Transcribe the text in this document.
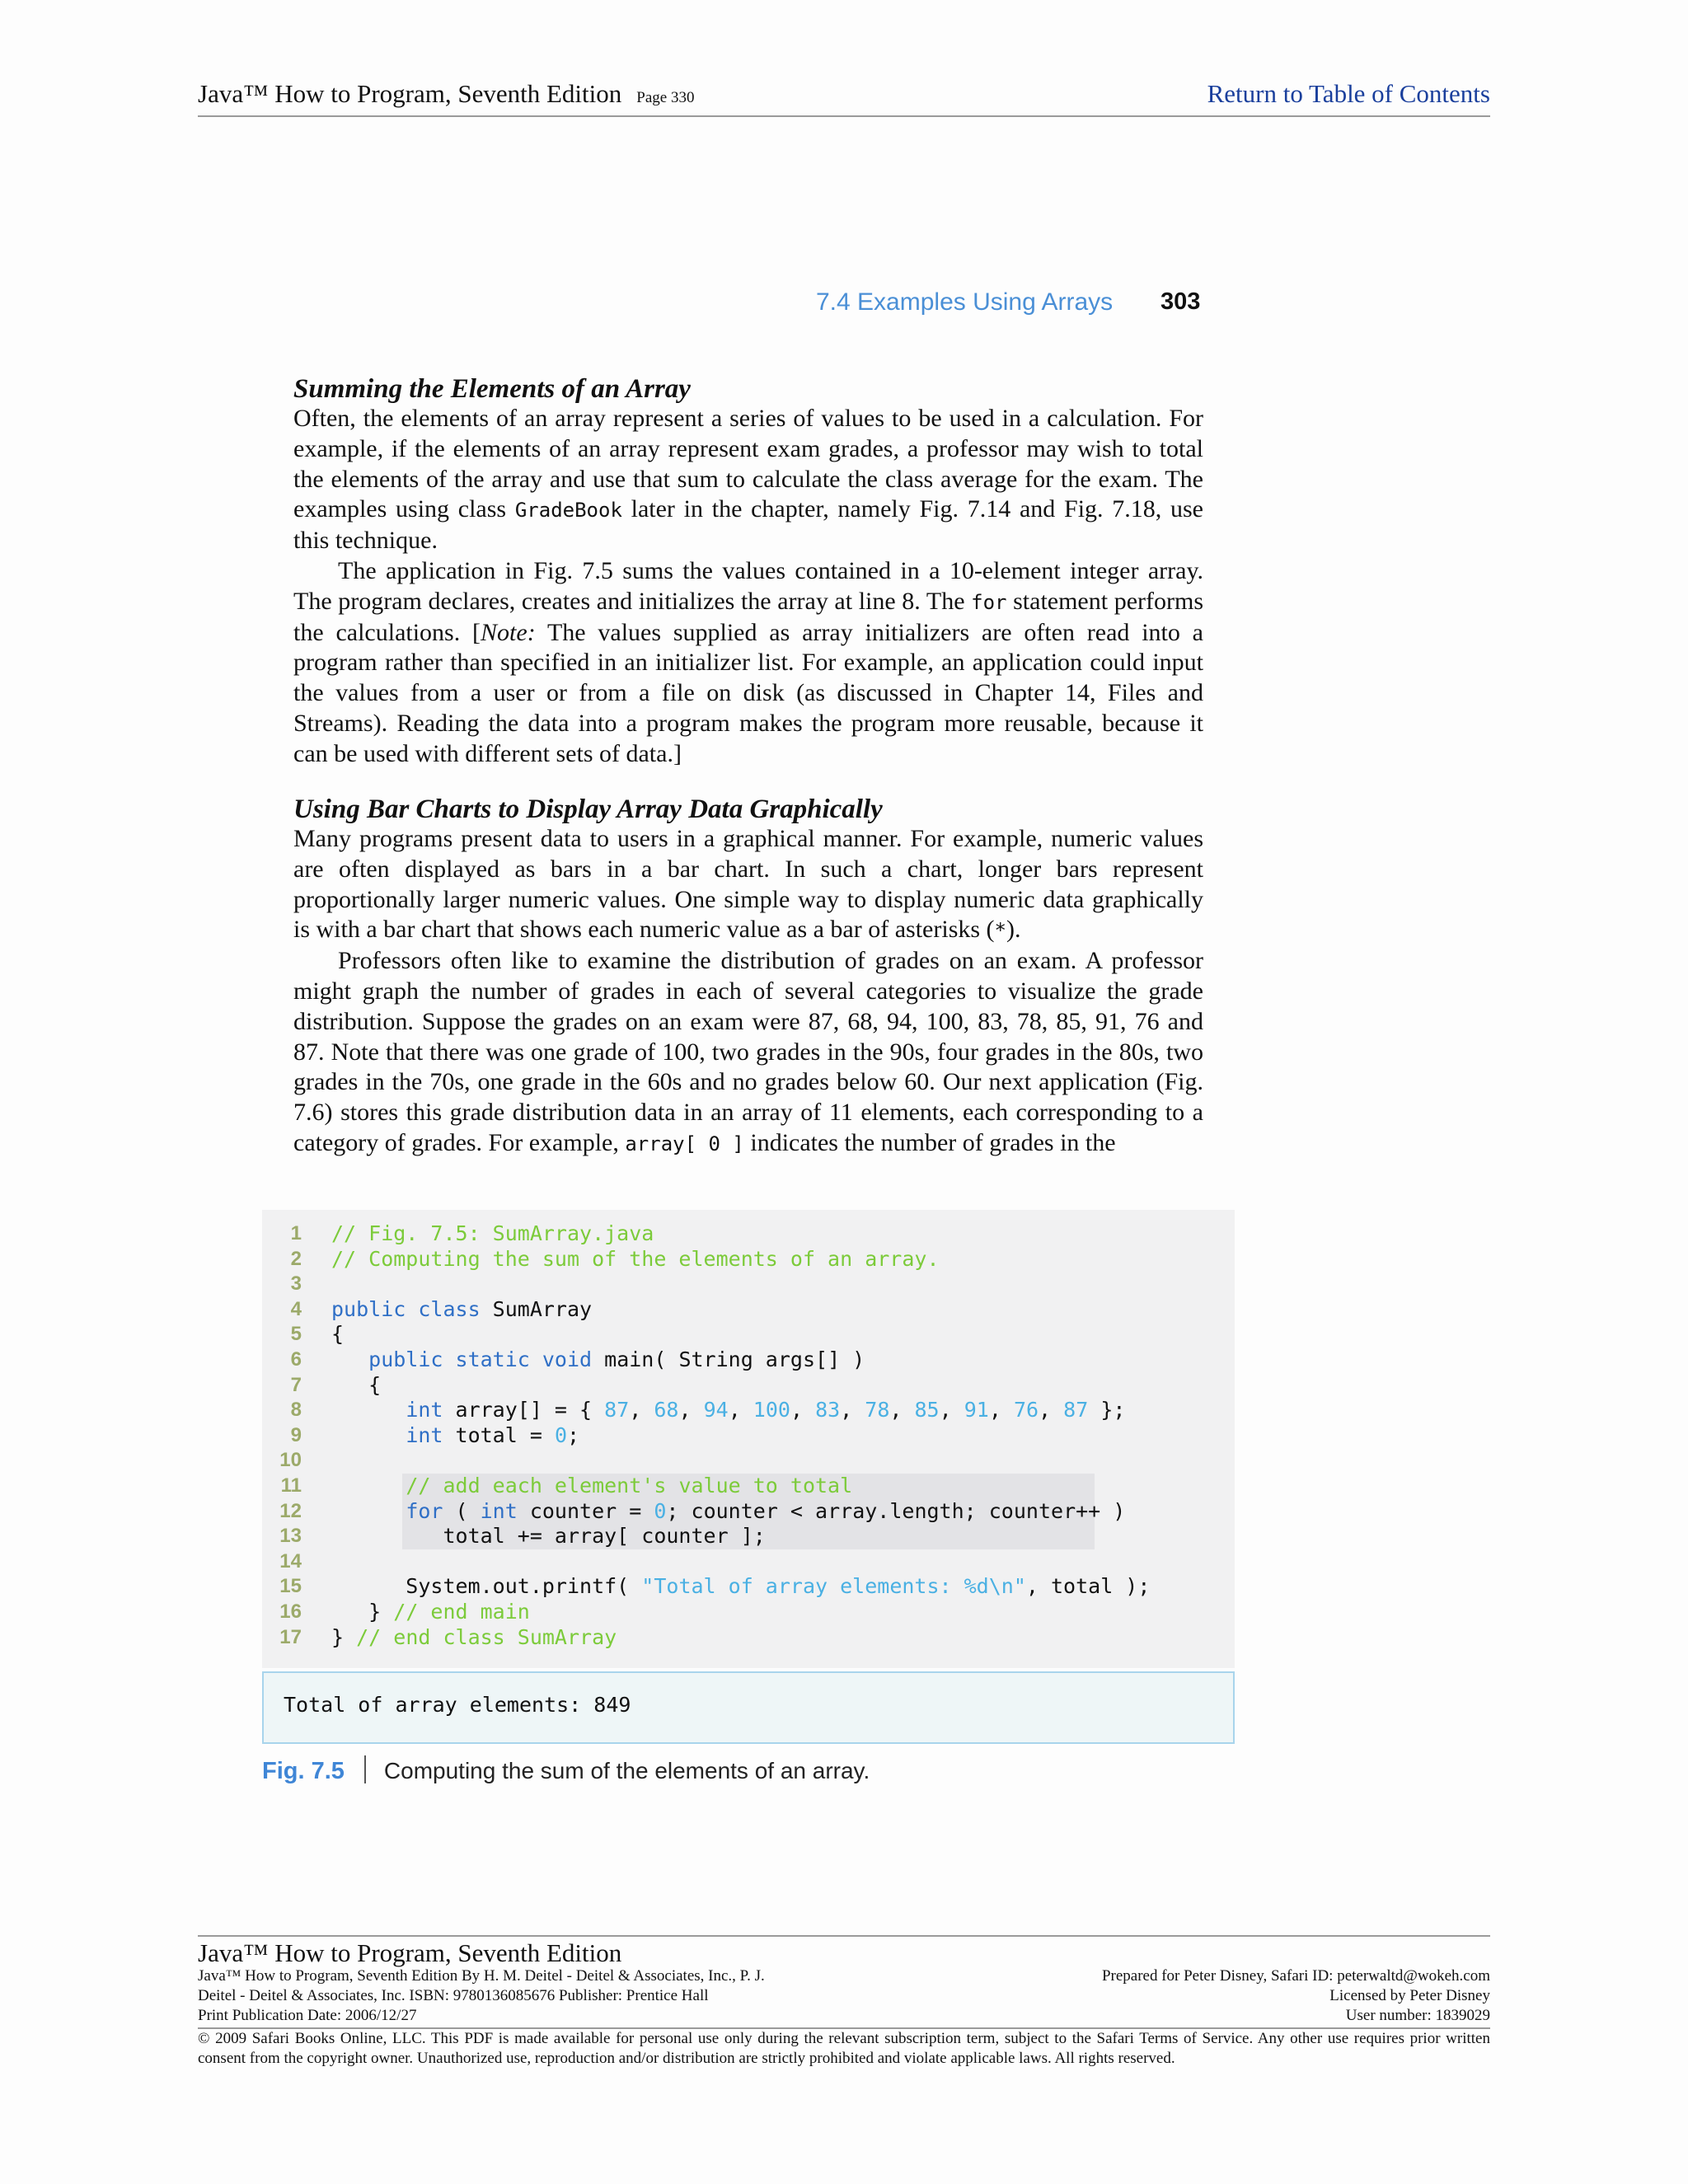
Java™ How to Program, Seventh Edition Page 330	Return to Table of Contents
7.4 Examples Using Arrays 303
Summing the Elements of an Array

Often, the elements of an array represent a series of values to be used in a calculation. For example, if the elements of an array represent exam grades, a professor may wish to total the elements of the array and use that sum to calculate the class average for the exam. The examples using class GradeBook later in the chapter, namely Fig. 7.14 and Fig. 7.18, use this technique.

The application in Fig. 7.5 sums the values contained in a 10-element integer array. The program declares, creates and initializes the array at line 8. The for statement performs the calculations. [Note: The values supplied as array initializers are often read into a program rather than specified in an initializer list. For example, an application could input the values from a user or from a file on disk (as discussed in Chapter 14, Files and Streams). Reading the data into a program makes the program more reusable, because it can be used with different sets of data.]

Using Bar Charts to Display Array Data Graphically

Many programs present data to users in a graphical manner. For example, numeric values are often displayed as bars in a bar chart. In such a chart, longer bars represent proportionally larger numeric values. One simple way to display numeric data graphically is with a bar chart that shows each numeric value as a bar of asterisks (*).

Professors often like to examine the distribution of grades on an exam. A professor might graph the number of grades in each of several categories to visualize the grade distribution. Suppose the grades on an exam were 87, 68, 94, 100, 83, 78, 85, 91, 76 and 87. Note that there was one grade of 100, two grades in the 90s, four grades in the 80s, two grades in the 70s, one grade in the 60s and no grades below 60. Our next application (Fig. 7.6) stores this grade distribution data in an array of 11 elements, each corresponding to a category of grades. For example, array[ 0 ] indicates the number of grades in the

1 // Fig. 7.5: SumArray.java
2 // Computing the sum of the elements of an array.
3
4 public class SumArray
5 {
6	public static void main( String args[] )
7 {
8	int array[] = { 87, 68, 94, 100, 83, 78, 85, 91, 76, 87 };
9	int total = 0;
10
11	// add each element's value to total
12	for ( int counter = 0; counter < array.length; counter++ )
13 total += array[ counter ];
14
15 System.out.printf( "Total of array elements: %d\n", total );
16 } // end main
17 } // end class SumArray
Total of array elements: 849
Fig. 7.5 Computing the sum of the elements of an array.
Java™ How to Program, Seventh Edition
Java™ How to Program, Seventh Edition By H. M. Deitel - Deitel & Associates, Inc., P. J.
Deitel - Deitel & Associates, Inc. ISBN: 9780136085676 Publisher: Prentice Hall
Print Publication Date: 2006/12/27
Prepared for Peter Disney, Safari ID: peterwaltd@wokeh.com
Licensed by Peter Disney
User number: 1839029
© 2009 Safari Books Online, LLC. This PDF is made available for personal use only during the relevant subscription term, subject to the Safari Terms of Service. Any other use requires prior written consent from the copyright owner. Unauthorized use, reproduction and/or distribution are strictly prohibited and violate applicable laws. All rights reserved.
